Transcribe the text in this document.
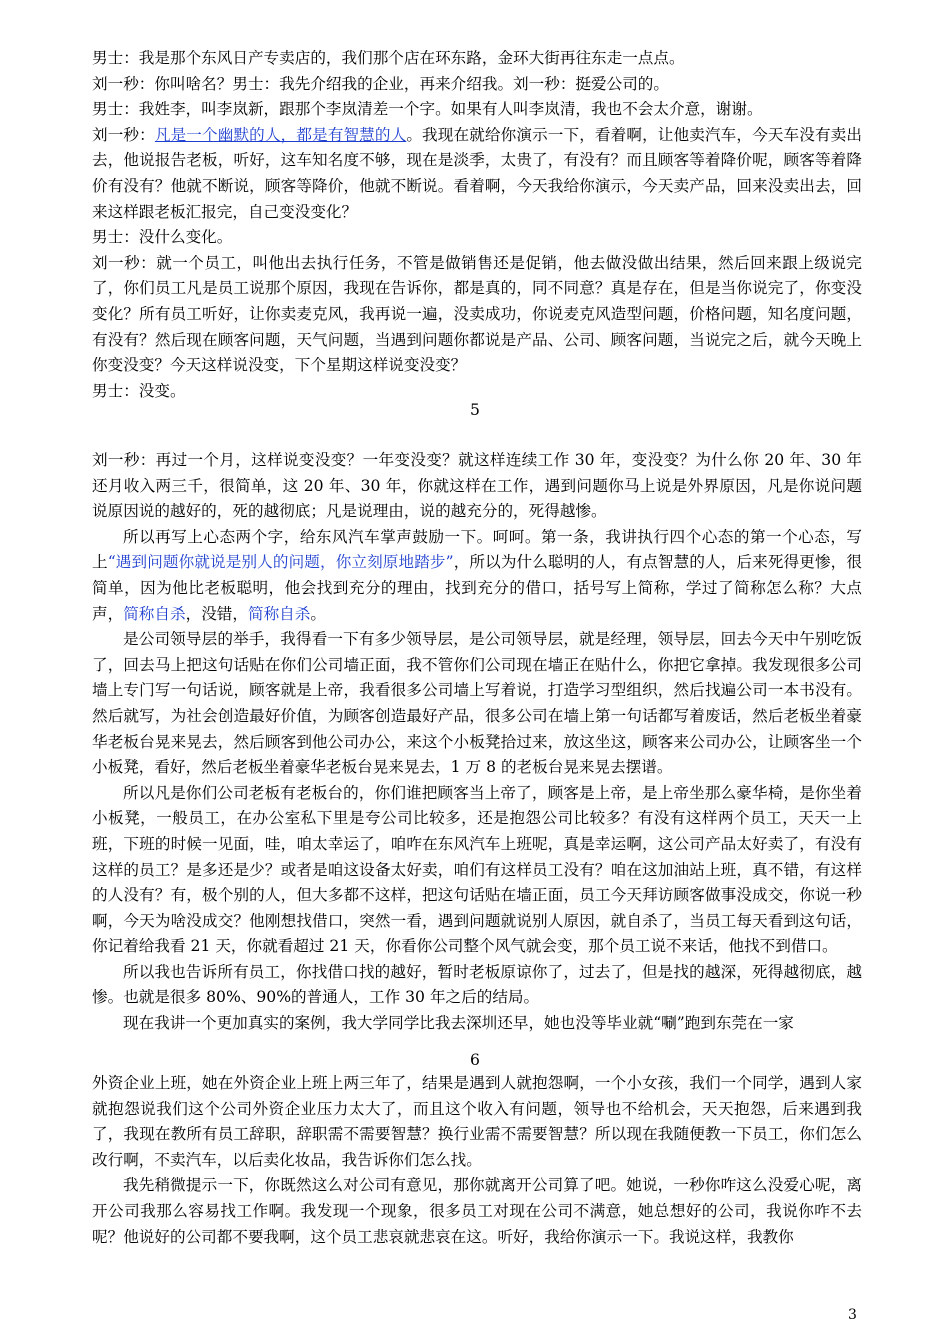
男士：我是那个东风日产专卖店的，我们那个店在环东路，金环大街再往东走一点点。

刘一秒：你叫啥名？男士：我先介绍我的企业，再来介绍我。刘一秒：挺爱公司的。

男士：我姓李，叫李岚新，跟那个李岚清差一个字。如果有人叫李岚清，我也不会太介意，谢谢。

刘一秒：凡是一个幽默的人，都是有智慧的人。我现在就给你演示一下，看着啊，让他卖汽车，今天车没有卖出去，他说报告老板，听好，这车知名度不够，现在是淡季，太贵了，有没有？而且顾客等着降价呢，顾客等着降价有没有？他就不断说，顾客等降价，他就不断说。看着啊，今天我给你演示，今天卖产品，回来没卖出去，回来这样跟老板汇报完，自己变没变化？

男士：没什么变化。

刘一秒：就一个员工，叫他出去执行任务，不管是做销售还是促销，他去做没做出结果，然后回来跟上级说完了，你们员工凡是员工说那个原因，我现在告诉你，都是真的，同不同意？真是存在，但是当你说完了，你变没变化？所有员工听好，让你卖麦克风，我再说一遍，没卖成功，你说麦克风造型问题，价格问题，知名度问题，有没有？然后现在顾客问题，天气问题，当遇到问题你都说是产品、公司、顾客问题，当说完之后，就今天晚上你变没变？今天这样说没变，下个星期这样说变没变？

男士：没变。

5

刘一秒：再过一个月，这样说变没变？一年变没变？就这样连续工作 30 年，变没变？为什么你 20 年、30 年还月收入两三千，很简单，这 20 年、30 年，你就这样在工作，遇到问题你马上说是外界原因，凡是你说问题说原因说的越好的，死的越彻底；凡是说理由，说的越充分的，死得越惨。

所以再写上心态两个字，给东风汽车掌声鼓励一下。呵呵。第一条，我讲执行四个心态的第一个心态，写上“遇到问题你就说是别人的问题，你立刻原地踏步”，所以为什么聪明的人，有点智慧的人，后来死得更惨，很简单，因为他比老板聪明，他会找到充分的理由，找到充分的借口，括号写上简称，学过了简称怎么称？大点声，简称自杀，没错，简称自杀。

是公司领导层的举手，我得看一下有多少领导层，是公司领导层，就是经理，领导层，回去今天中午别吃饭了，回去马上把这句话贴在你们公司墙正面，我不管你们公司现在墙正在贴什么，你把它拿掉。我发现很多公司墙上专门写一句话说，顾客就是上帝，我看很多公司墙上写着说，打造学习型组织，然后找遍公司一本书没有。然后就写，为社会创造最好价值，为顾客创造最好产品，很多公司在墙上第一句话都写着废话，然后老板坐着豪华老板台晃来晃去，然后顾客到他公司办公，来这个小板凳拾过来，放这坐这，顾客来公司办公，让顾客坐一个小板凳，看好，然后老板坐着豪华老板台晃来晃去，1 万 8 的老板台晃来晃去摆谱。

所以凡是你们公司老板有老板台的，你们谁把顾客当上帝了，顾客是上帝，是上帝坐那么豪华椅，是你坐着小板凳，一般员工，在办公室私下里是夸公司比较多，还是抱怨公司比较多？有没有这样两个员工，天天一上班，下班的时候一见面，哇，咱太幸运了，咱咋在东风汽车上班呢，真是幸运啊，这公司产品太好卖了，有没有这样的员工？是多还是少？或者是咱这设备太好卖，咱们有这样员工没有？咱在这加油站上班，真不错，有这样的人没有？有，极个别的人，但大多都不这样，把这句话贴在墙正面，员工今天拜访顾客做事没成交，你说一秒啊，今天为啥没成交？他刚想找借口，突然一看，遇到问题就说别人原因，就自杀了，当员工每天看到这句话，你记着给我看 21 天，你就看超过 21 天，你看你公司整个风气就会变，那个员工说不来话，他找不到借口。

所以我也告诉所有员工，你找借口找的越好，暂时老板原谅你了，过去了，但是找的越深，死得越彻底，越惨。也就是很多 80%、90%的普通人，工作 30 年之后的结局。

现在我讲一个更加真实的案例，我大学同学比我去深圳还早，她也没等毕业就“唰”跑到东莞在一家

6

外资企业上班，她在外资企业上班上两三年了，结果是遇到人就抱怨啊，一个小女孩，我们一个同学，遇到人家就抱怨说我们这个公司外资企业压力太大了，而且这个收入有问题，领导也不给机会，天天抱怨，后来遇到我了，我现在教所有员工辞职，辞职需不需要智慧？换行业需不需要智慧？所以现在我随便教一下员工，你们怎么改行啊，不卖汽车，以后卖化妆品，我告诉你们怎么找。

我先稍微提示一下，你既然这么对公司有意见，那你就离开公司算了吧。她说，一秒你咋这么没爱心呢，离开公司我那么容易找工作啊。我发现一个现象，很多员工对现在公司不满意，她总想好的公司，我说你咋不去呢？他说好的公司都不要我啊，这个员工悲哀就悲哀在这。听好，我给你演示一下。我说这样，我教你

3
